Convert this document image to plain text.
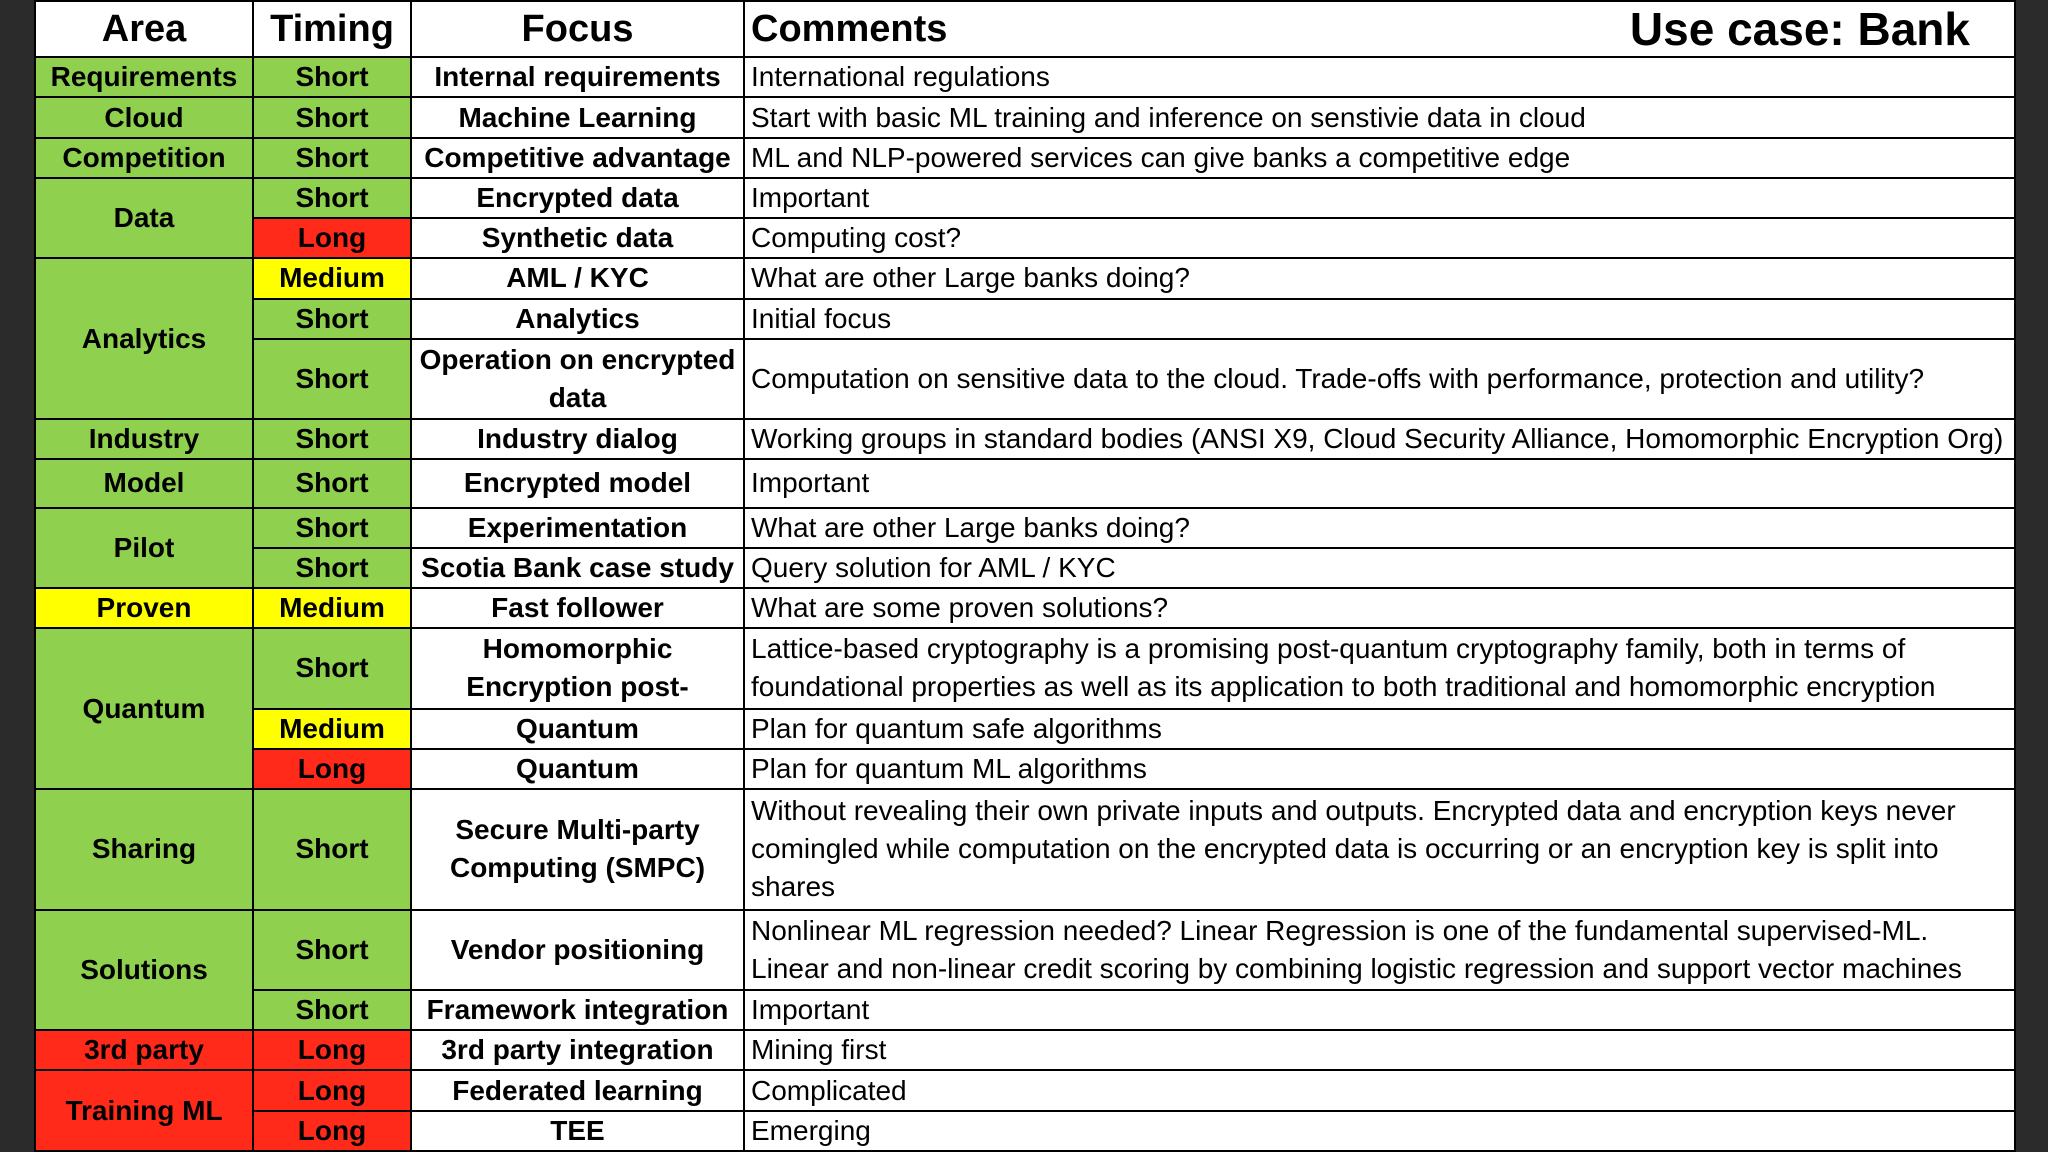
Area	Timing	Focus	Comments Use case: Bank

Requirements	Short	Internal requirements	International regulations
Cloud	Short	Machine Learning	Start with basic ML training and inference on senstivie data in cloud
Competition	Short	Competitive advantage	ML and NLP-powered services can give banks a competitive edge
Data	Short	Encrypted data	Important
	Long	Synthetic data	Computing cost?
Analytics	Medium	AML / KYC	What are other Large banks doing?
	Short	Analytics	Initial focus
	Short	Operation on encrypted data	Computation on sensitive data to the cloud. Trade-offs with performance, protection and utility?
Industry	Short	Industry dialog	Working groups in standard bodies (ANSI X9, Cloud Security Alliance, Homomorphic Encryption Org)
Model	Short	Encrypted model	Important
Pilot	Short	Experimentation	What are other Large banks doing?
	Short	Scotia Bank case study	Query solution for AML / KYC
Proven	Medium	Fast follower	What are some proven solutions?
Quantum	Short	Homomorphic Encryption post-	Lattice-based cryptography is a promising post-quantum cryptography family, both in terms of foundational properties as well as its application to both traditional and homomorphic encryption
	Medium	Quantum	Plan for quantum safe algorithms
	Long	Quantum	Plan for quantum ML algorithms
Sharing	Short	Secure Multi-party Computing (SMPC)	Without revealing their own private inputs and outputs. Encrypted data and encryption keys never comingled while computation on the encrypted data is occurring or an encryption key is split into shares
Solutions	Short	Vendor positioning	Nonlinear ML regression needed? Linear Regression is one of the fundamental supervised-ML. Linear and non-linear credit scoring by combining logistic regression and support vector machines
	Short	Framework integration	Important
3rd party	Long	3rd party integration	Mining first
Training ML	Long	Federated learning	Complicated
	Long	TEE	Emerging
